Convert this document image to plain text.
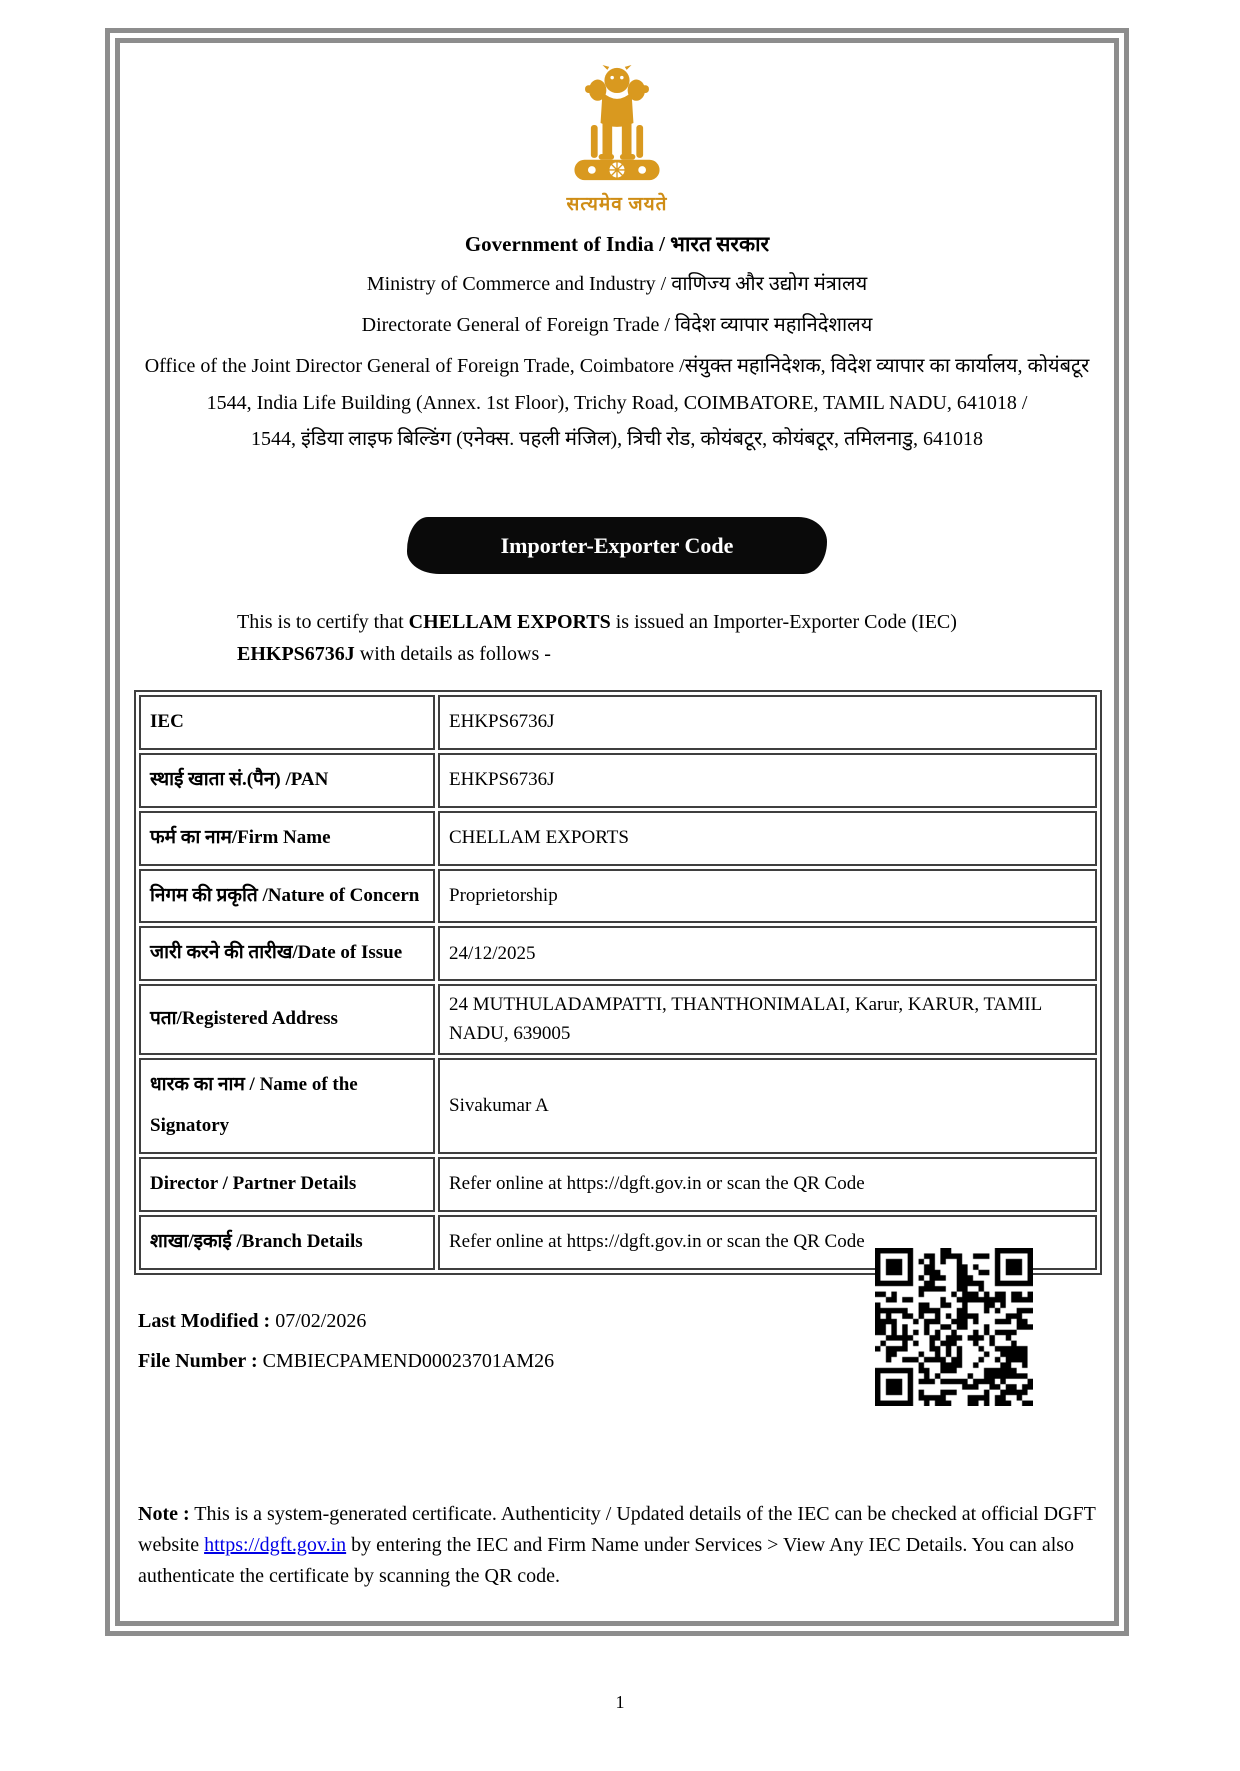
सत्यमेव जयते
Government of India / भारत सरकार
Ministry of Commerce and Industry / वाणिज्य और उद्योग मंत्रालय
Directorate General of Foreign Trade / विदेश व्यापार महानिदेशालय
Office of the Joint Director General of Foreign Trade, Coimbatore /संयुक्त महानिदेशक, विदेश व्यापार का कार्यालय, कोयंबटूर
1544, India Life Building (Annex. 1st Floor), Trichy Road, COIMBATORE, TAMIL NADU, 641018 /
1544, इंडिया लाइफ बिल्डिंग (एनेक्स. पहली मंजिल), त्रिची रोड, कोयंबटूर, कोयंबटूर, तमिलनाडु, 641018
Importer-Exporter Code

This is to certify that CHELLAM EXPORTS is issued an Importer-Exporter Code (IEC) EHKPS6736J with details as follows -

IEC	EHKPS6736J
स्थाई खाता सं.(पैन) /PAN	EHKPS6736J
फर्म का नाम/Firm Name	CHELLAM EXPORTS
निगम की प्रकृति /Nature of Concern	Proprietorship
जारी करने की तारीख/Date of Issue	24/12/2025
पता/Registered Address	24 MUTHULADAMPATTI, THANTHONIMALAI, Karur, KARUR, TAMIL NADU, 639005
धारक का नाम / Name of the Signatory	Sivakumar A
Director / Partner Details	Refer online at https://dgft.gov.in or scan the QR Code
शाखा/इकाई /Branch Details	Refer online at https://dgft.gov.in or scan the QR Code
Last Modified : 07/02/2026
File Number : CMBIECPAMEND00023701AM26

Note : This is a system-generated certificate. Authenticity / Updated details of the IEC can be checked at official DGFT website https://dgft.gov.in by entering the IEC and Firm Name under Services > View Any IEC Details. You can also authenticate the certificate by scanning the QR code.

1
